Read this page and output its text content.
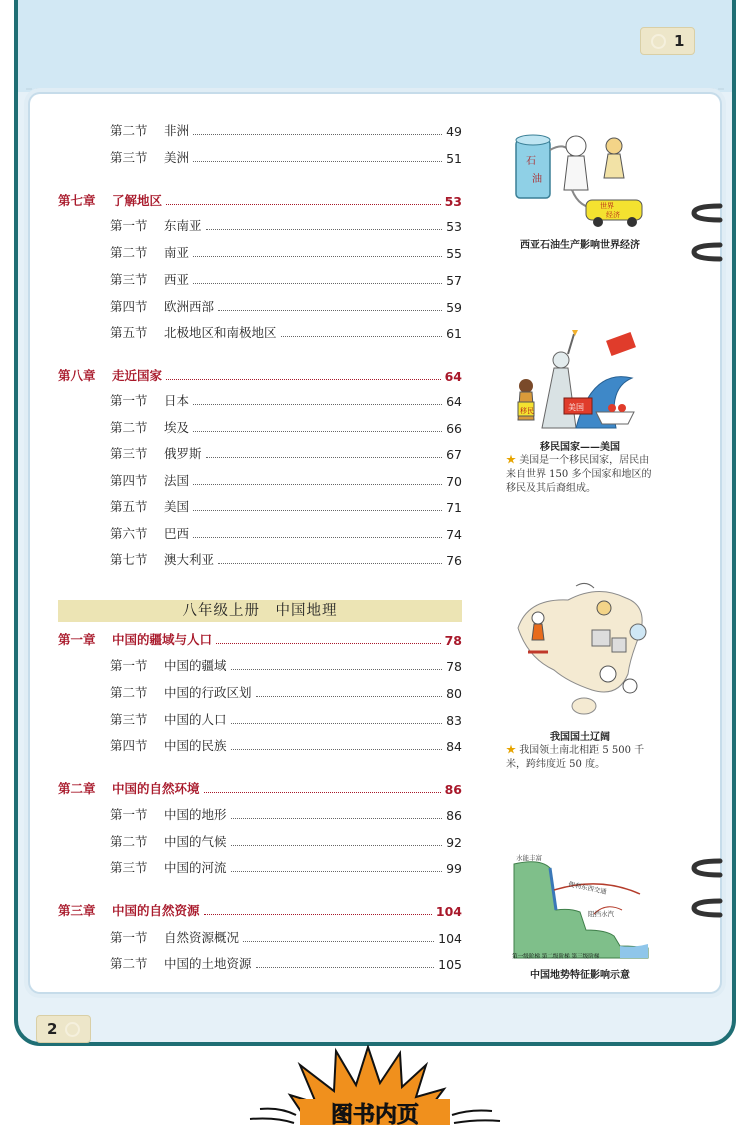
1
2
第二节	非洲	49
第三节	美洲	51
第七章	了解地区	53
第一节	东南亚	53
第二节	南亚	55
第三节	西亚	57
第四节	欧洲西部	59
第五节	北极地区和南极地区	61
第八章	走近国家	64
第一节	日本	64
第二节	埃及	66
第三节	俄罗斯	67
第四节	法国	70
第五节	美国	71
第六节	巴西	74
第七节	澳大利亚	76
八年级上册　中国地理
第一章	中国的疆域与人口	78
第一节	中国的疆域	78
第二节	中国的行政区划	80
第三节	中国的人口	83
第四节	中国的民族	84
第二章	中国的自然环境	86
第一节	中国的地形	86
第二节	中国的气候	92
第三节	中国的河流	99
第三章	中国的自然资源	104
第一节	自然资源概况	104
第二节	中国的土地资源	105
石
油
世界
经济
西亚石油生产影响世界经济
美国
移民
移民国家——美国
★ 美国是一个移民国家，居民由来自世界 150 多个国家和地区的移民及其后裔组成。
我国国土辽阔
★ 我国领土南北相距 5 500 千米，跨纬度近 50 度。
水能丰富
便利东西交通
阻挡水汽
第一级阶梯 第二级阶梯 第三级阶梯
中国地势特征影响示意
图书内页
